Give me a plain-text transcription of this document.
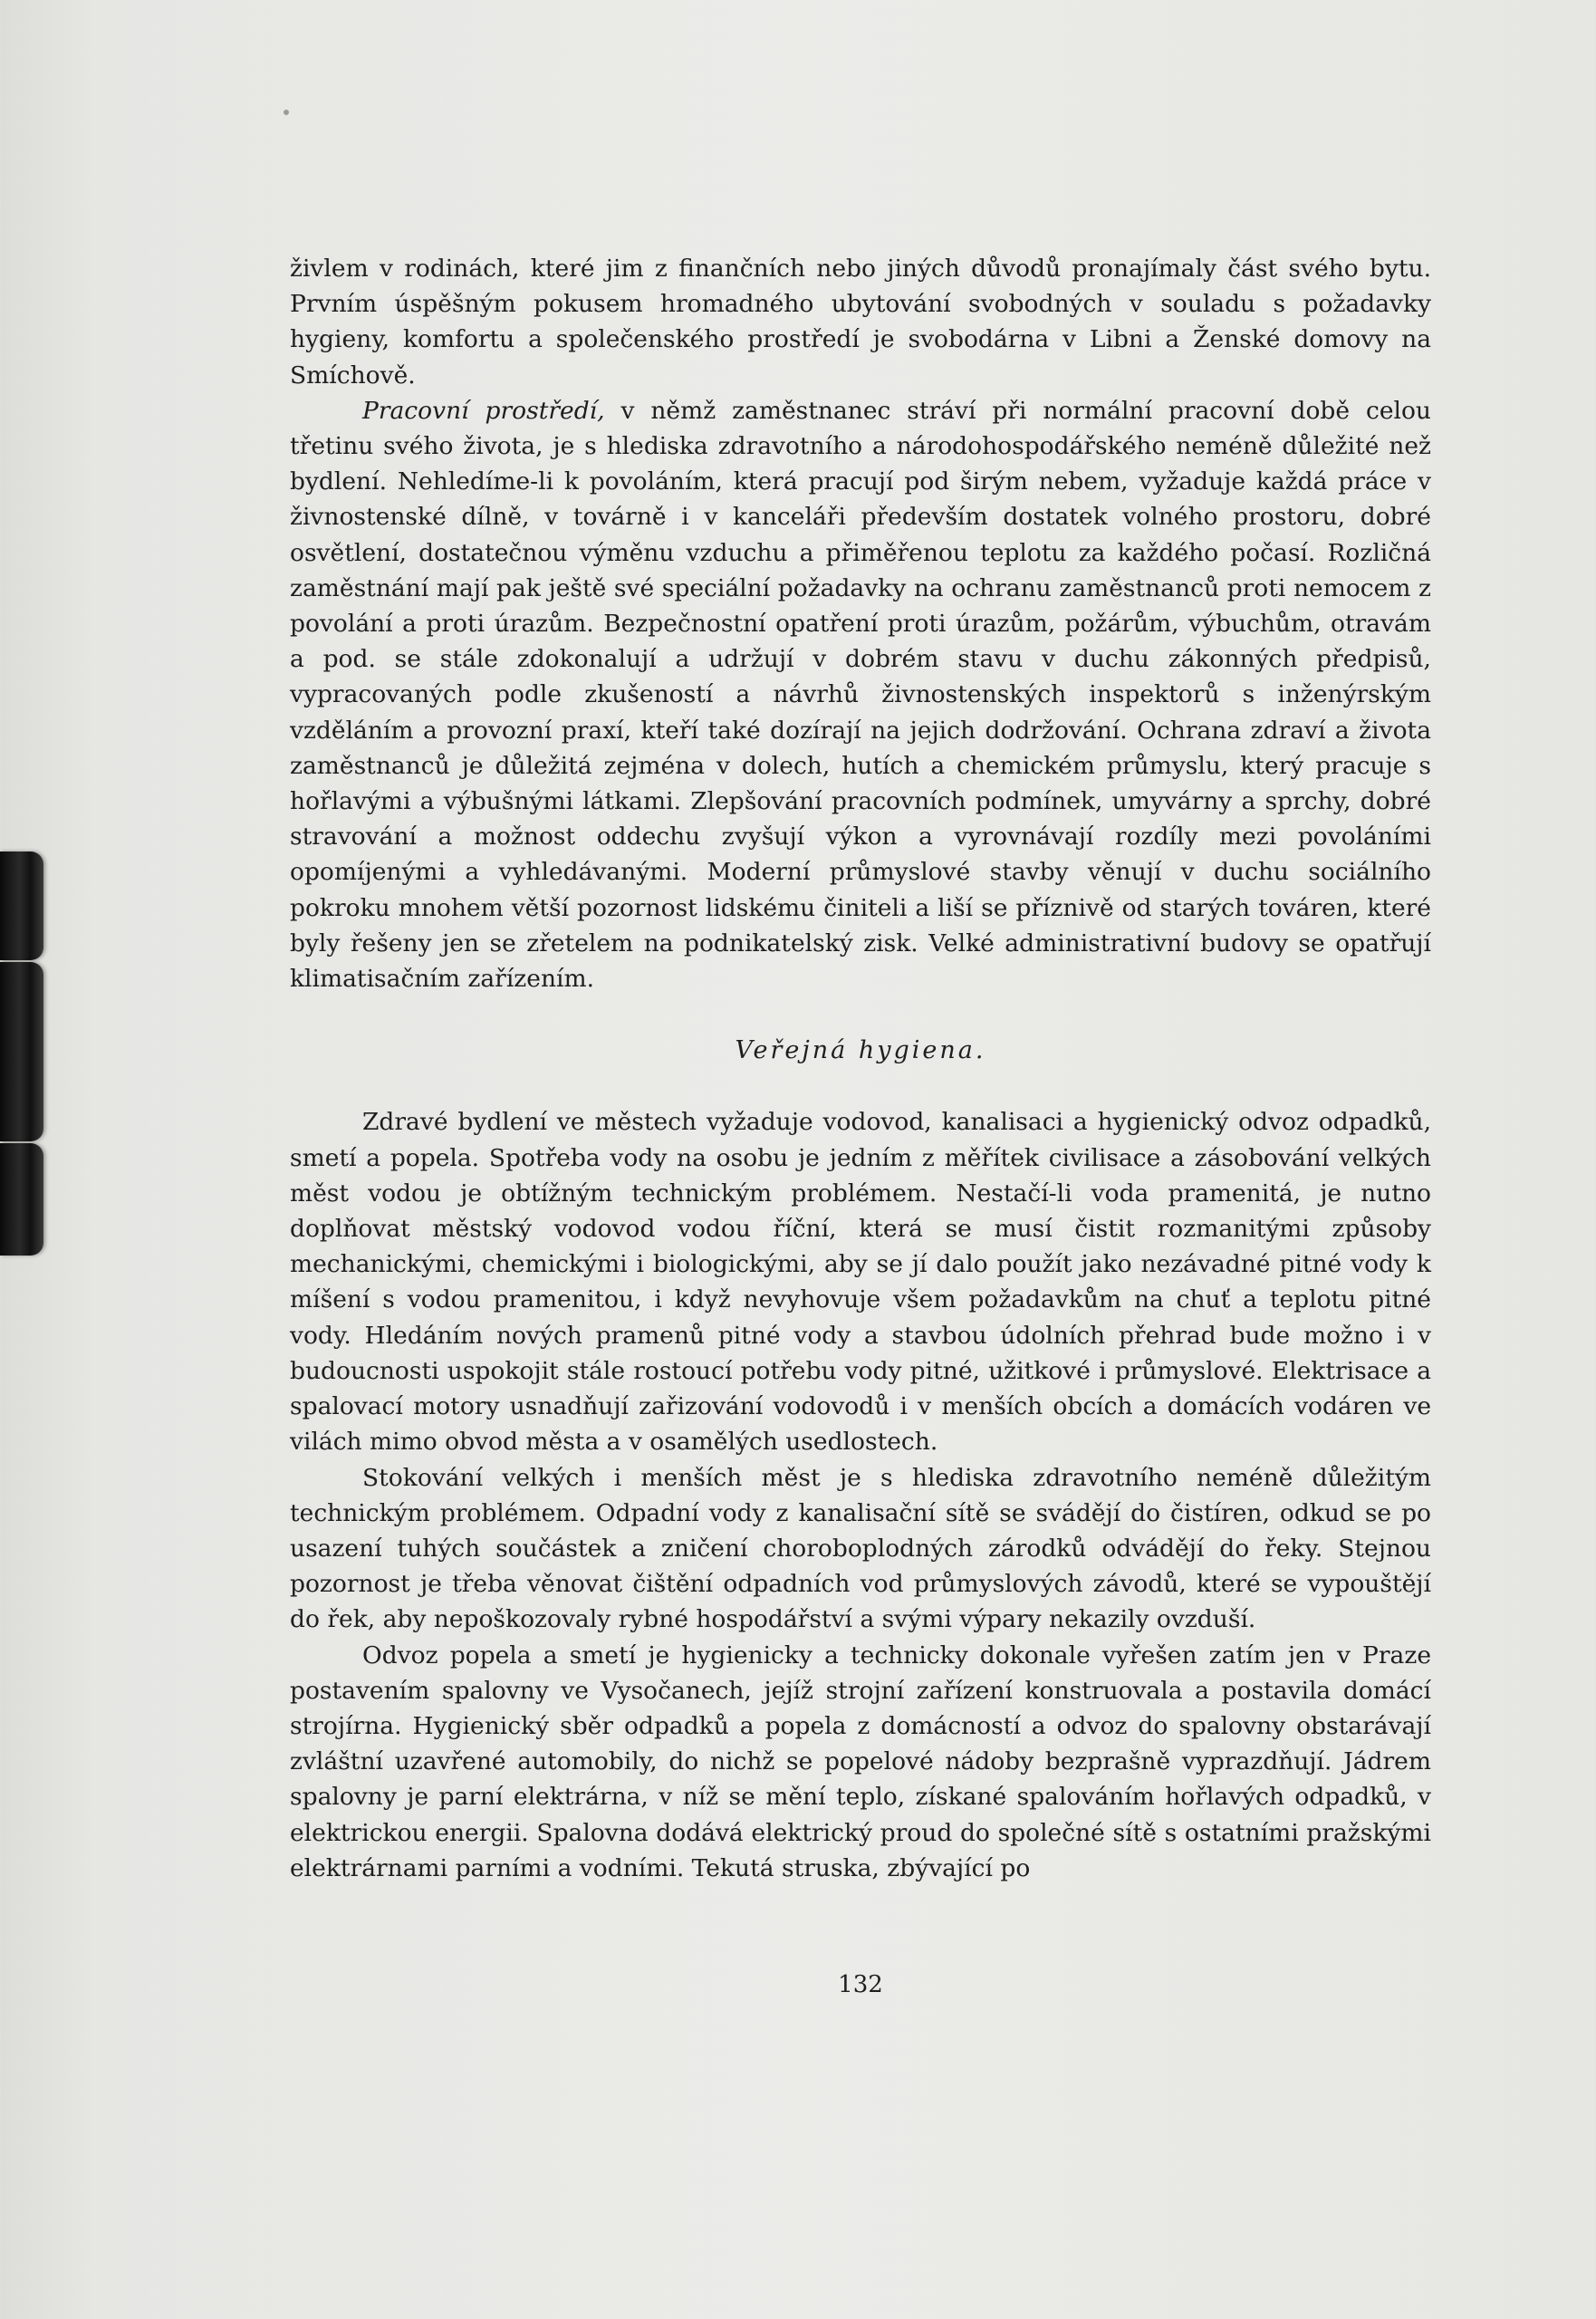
živlem v rodinách, které jim z finančních nebo jiných důvodů pronajímaly část svého bytu. Prvním úspěšným pokusem hromadného ubytování svobodných v souladu s požadavky hygieny, komfortu a společenského prostředí je svobodárna v Libni a Ženské domovy na Smíchově.

Pracovní prostředí, v němž zaměstnanec stráví při normální pracovní době celou třetinu svého života, je s hlediska zdravotního a národohospodářského neméně důležité než bydlení. Nehledíme-li k povoláním, která pracují pod širým nebem, vyžaduje každá práce v živnostenské dílně, v továrně i v kanceláři především dostatek volného prostoru, dobré osvětlení, dostatečnou výměnu vzduchu a přiměřenou teplotu za každého počasí. Rozličná zaměstnání mají pak ještě své speciální požadavky na ochranu zaměstnanců proti nemocem z povolání a proti úrazům. Bezpečnostní opatření proti úrazům, požárům, výbuchům, otravám a pod. se stále zdokonalují a udržují v dobrém stavu v duchu zákonných předpisů, vypracovaných podle zkušeností a návrhů živnostenských inspektorů s inženýrským vzděláním a provozní praxí, kteří také dozírají na jejich dodržování. Ochrana zdraví a života zaměstnanců je důležitá zejména v dolech, hutích a chemickém průmyslu, který pracuje s hořlavými a výbušnými látkami. Zlepšování pracovních podmínek, umyvárny a sprchy, dobré stravování a možnost oddechu zvyšují výkon a vyrovnávají rozdíly mezi povoláními opomíjenými a vyhledávanými. Moderní průmyslové stavby věnují v duchu sociálního pokroku mnohem větší pozornost lidskému činiteli a liší se příznivě od starých továren, které byly řešeny jen se zřetelem na podnikatelský zisk. Velké administrativní budovy se opatřují klimatisačním zařízením.

Veřejná hygiena.

Zdravé bydlení ve městech vyžaduje vodovod, kanalisaci a hygienický odvoz odpadků, smetí a popela. Spotřeba vody na osobu je jedním z měřítek civilisace a zásobování velkých měst vodou je obtížným technickým problémem. Nestačí-li voda pramenitá, je nutno doplňovat městský vodovod vodou říční, která se musí čistit rozmanitými způsoby mechanickými, chemickými i biologickými, aby se jí dalo použít jako nezávadné pitné vody k míšení s vodou pramenitou, i když nevyhovuje všem požadavkům na chuť a teplotu pitné vody. Hledáním nových pramenů pitné vody a stavbou údolních přehrad bude možno i v budoucnosti uspokojit stále rostoucí potřebu vody pitné, užitkové i průmyslové. Elektrisace a spalovací motory usnadňují zařizování vodovodů i v menších obcích a domácích vodáren ve vilách mimo obvod města a v osamělých usedlostech.

Stokování velkých i menších měst je s hlediska zdravotního neméně důležitým technickým problémem. Odpadní vody z kanalisační sítě se svádějí do čistíren, odkud se po usazení tuhých součástek a zničení choroboplodných zárodků odvádějí do řeky. Stejnou pozornost je třeba věnovat čištění odpadních vod průmyslových závodů, které se vypouštějí do řek, aby nepoškozovaly rybné hospodářství a svými výpary nekazily ovzduší.

Odvoz popela a smetí je hygienicky a technicky dokonale vyřešen zatím jen v Praze postavením spalovny ve Vysočanech, jejíž strojní zařízení konstruovala a postavila domácí strojírna. Hygienický sběr odpadků a popela z domácností a odvoz do spalovny obstarávají zvláštní uzavřené automobily, do nichž se popelové nádoby bezprašně vyprazdňují. Jádrem spalovny je parní elektrárna, v níž se mění teplo, získané spalováním hořlavých odpadků, v elektrickou energii. Spalovna dodává elektrický proud do společné sítě s ostatními pražskými elektrárnami parními a vodními. Tekutá struska, zbývající po

132
